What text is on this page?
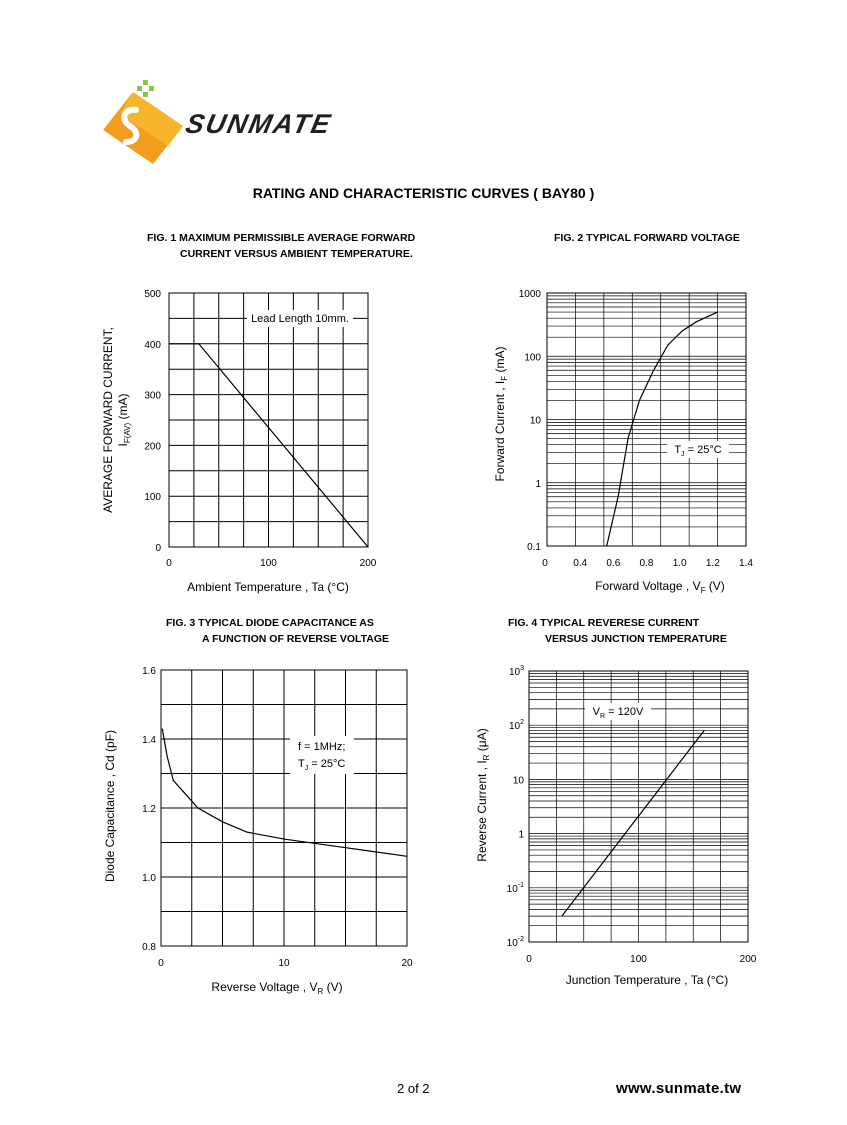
SUNMATE
RATING AND CHARACTERISTIC CURVES ( BAY80 )
FIG. 1 MAXIMUM PERMISSIBLE AVERAGE FORWARD
CURRENT VERSUS AMBIENT TEMPERATURE.
FIG. 2 TYPICAL FORWARD VOLTAGE
FIG. 3 TYPICAL DIODE CAPACITANCE AS
A FUNCTION OF REVERSE VOLTAGE
FIG. 4 TYPICAL REVERESE CURRENT
VERSUS JUNCTION TEMPERATURE
Lead Length 10mm.
0
100
200
300
400
500
0	100	200
Ambient Temperature , Ta (°C)
AVERAGE FORWARD CURRENT, $I_{F(AV)}$ (mA)
$T_J = 25^\circ C$
0.1
1
10
100
1000
0	0.4 0.6 0.8 1.0 1.2 1.4
Forward Voltage , $V_F$ (V)
Forward Current , $I_F$ (mA)
f = 1MHz;
$T_J = 25^\circ C$
0.8
1.0
1.2
1.4
1.6
0	10	20
Reverse Voltage , $V_R$ (V)
Diode Capacitance , Cd (pF)
$V_R = 120V$
$10^{-2}$
$10^{-1}$
1
10
$10^2$
$10^3$
0	100	200
Junction Temperature , Ta (°C)
Reverse Current , $I_R$ (μA)
2 of 2	www.sunmate.tw
